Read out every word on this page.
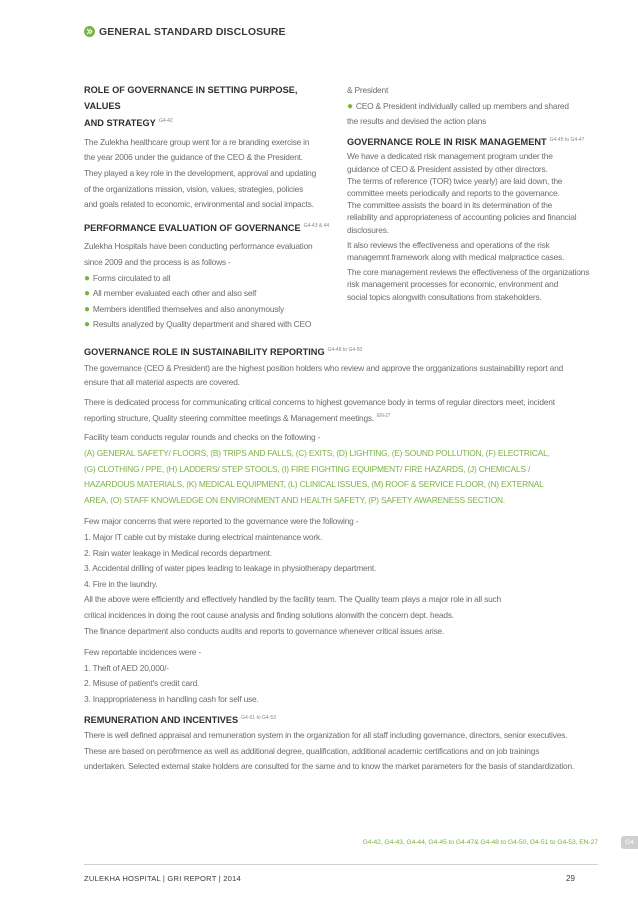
GENERAL STANDARD DISCLOSURE
ROLE OF GOVERNANCE IN SETTING PURPOSE, VALUES
AND STRATEGY $^{G4-42}$

The Zulekha healthcare group went for a re branding exercise in
the year 2006 under the guidance of the CEO & the President.
They played a key role in the development, approval and updating
of the organizations mission, vision, values, strategies, policies
and goals related to economic, environmental and social impacts.

PERFORMANCE EVALUATION OF GOVERNANCE $^{G4-43 \& 44}$

Zulekha Hospitals have been conducting performance evaluation
since 2009 and the process is as follows -

● Forms circulated to all
● All member evaluated each other and also self
● Members identified themselves and also anonymously
● Results analyzed by Quality department and shared with CEO

& President

● CEO & President individually called up members and shared

the results and devised the action plans

GOVERNANCE ROLE IN RISK MANAGEMENT $^{G4-45 to G4-47}$

We have a dedicated risk management program under the
guidance of CEO & President assisted by other directors.
The terms of reference (TOR) twice yearly) are laid down, the
committee meets periodically and reports to the governance.
The committee assists the board in its determination of the
reliability and appropriateness of accounting policies and financial
disclosures.

It also reviews the effectiveness and operations of the risk
managemnt framework along with medical malpractice cases.

The core management reviews the effectiveness of the organizations
risk management processes for economic, environment and
social topics alongwith consultations from stakeholders.

GOVERNANCE ROLE IN SUSTAINABILITY REPORTING $^{G4-48 to G4-50}$

The governance (CEO & President) are the highest position holders who review and approve the orgganizations sustainability report and
ensure that all material aspects are covered.

There is dedicated process for communicating critical concerns to highest governance body in terms of regular directors meet, incident
reporting structure, Quality steering committee meetings & Management meetings. $^{EN-27}$

Facility team conducts regular rounds and checks on the following -

(A) GENERAL SAFETY/ FLOORS, (B) TRIPS AND FALLS, (C) EXITS, (D) LIGHTING, (E) SOUND POLLUTION, (F) ELECTRICAL,
(G) CLOTHING / PPE, (H) LADDERS/ STEP STOOLS, (I) FIRE FIGHTING EQUIPMENT/ FIRE HAZARDS, (J) CHEMICALS /
HAZARDOUS MATERIALS, (K) MEDICAL EQUIPMENT, (L) CLINICAL ISSUES, (M) ROOF & SERVICE FLOOR, (N) EXTERNAL
AREA, (O) STAFF KNOWLEDGE ON ENVIRONMENT AND HEALTH SAFETY, (P) SAFETY AWARENESS SECTION.

Few major concerns that were reported to the governance were the following -

1. Major IT cable cut by mistake during electrical maintenance work.
2. Rain water leakage in Medical records department.
3. Accidental drilling of water pipes leading to leakage in physiotherapy department.
4. Fire in the laundry.

All the above were efficiently and effectively handled by the facility team. The Quality team plays a major role in all such
critical incidences in doing the root cause analysis and finding solutions alonwith the concern dept. heads.
The finance department also conducts audits and reports to governance whenever critical issues arise.

Few reportable incidences were -

1. Theft of AED 20,000/-
2. Misuse of patient's credit card.
3. Inappropriateness in handling cash for self use.
REMUNERATION AND INCENTIVES $^{G4-51 to G4-53}$

There is well defined appraisal and remuneration system in the organization for all staff including governance, directors, senior executives.
These are based on perofrmence as well as additional degree, qualification, additional academic certifications and on job trainings
undertaken. Selected external stake holders are consulted for the same and to know the market parameters for the basis of standardization.

G4-42, G4-43, G4-44, G4-45 to G4-47& G4-48 to G4-50, G4-51 to G4-53, EN-27	G4
ZULEKHA HOSPITAL | GRI REPORT | 2014	29
